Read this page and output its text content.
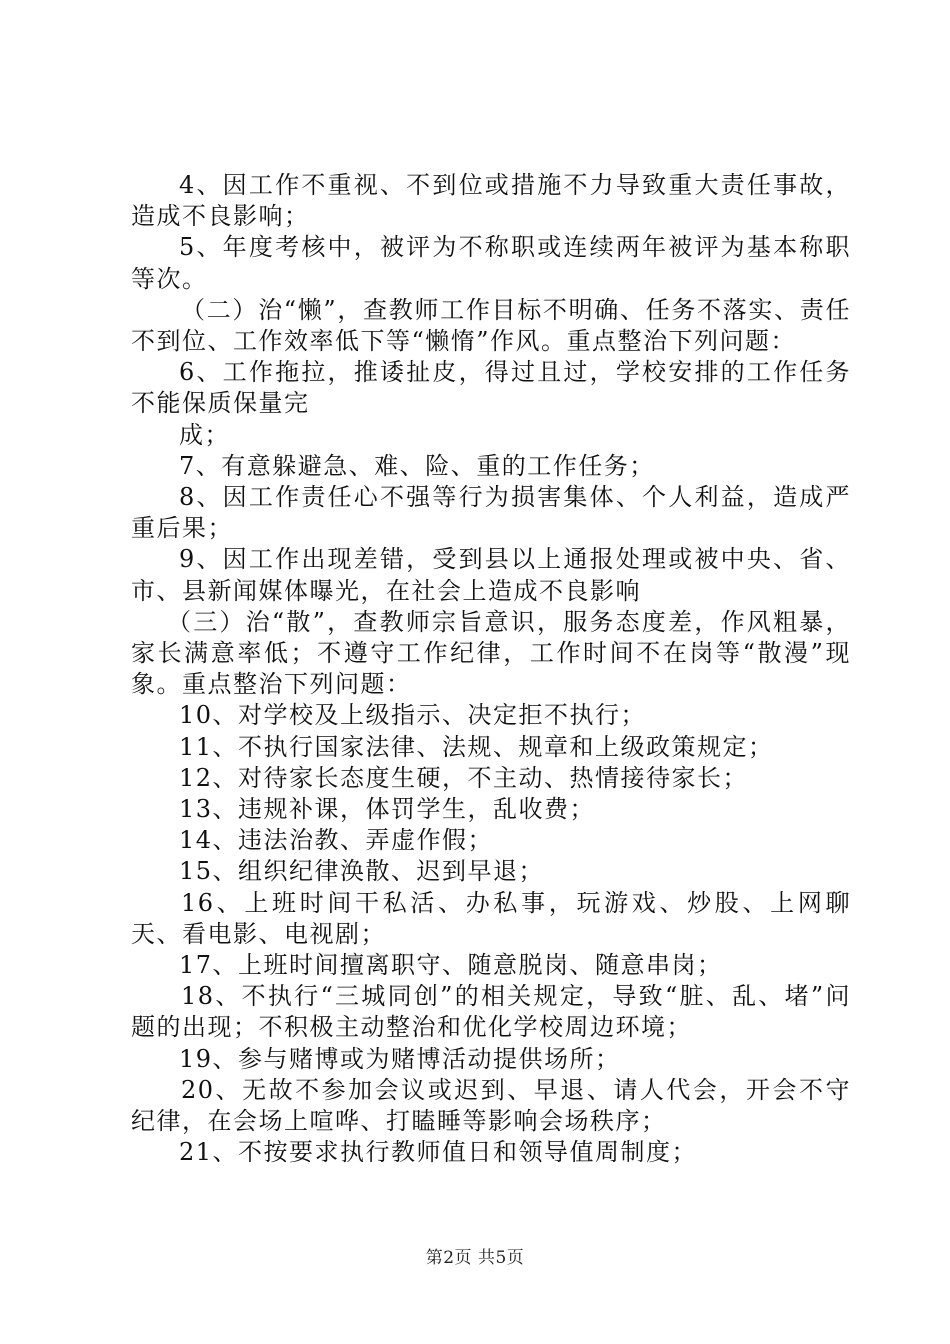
4、因工作不重视、不到位或措施不力导致重大责任事故，造成不良影响；

5、年度考核中，被评为不称职或连续两年被评为基本称职等次。

（二）治“懒”，查教师工作目标不明确、任务不落实、责任不到位、工作效率低下等“懒惰”作风。重点整治下列问题：

6、工作拖拉，推诿扯皮，得过且过，学校安排的工作任务不能保质保量完

成；

7、有意躲避急、难、险、重的工作任务；

8、因工作责任心不强等行为损害集体、个人利益，造成严重后果；

9、因工作出现差错，受到县以上通报处理或被中央、省、市、县新闻媒体曝光，在社会上造成不良影响

（三）治“散”，查教师宗旨意识，服务态度差，作风粗暴，家长满意率低；不遵守工作纪律，工作时间不在岗等“散漫”现象。重点整治下列问题：

10、对学校及上级指示、决定拒不执行；

11、不执行国家法律、法规、规章和上级政策规定；

12、对待家长态度生硬，不主动、热情接待家长；

13、违规补课，体罚学生，乱收费；

14、违法治教、弄虚作假；

15、组织纪律涣散、迟到早退；

16、上班时间干私活、办私事，玩游戏、炒股、上网聊天、看电影、电视剧；

17、上班时间擅离职守、随意脱岗、随意串岗；

18、不执行“三城同创”的相关规定，导致“脏、乱、堵”问题的出现；不积极主动整治和优化学校周边环境；

19、参与赌博或为赌博活动提供场所；

20、无故不参加会议或迟到、早退、请人代会，开会不守纪律，在会场上喧哗、打瞌睡等影响会场秩序；

21、不按要求执行教师值日和领导值周制度；

第2页 共5页
